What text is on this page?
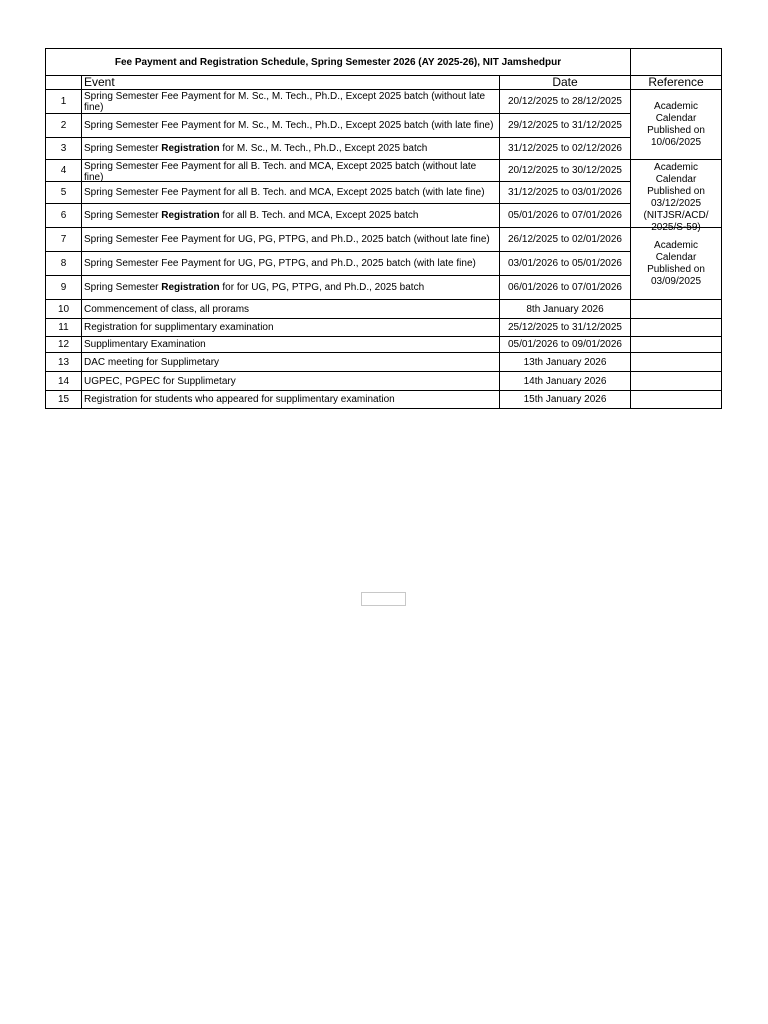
Fee Payment and Registration Schedule, Spring Semester 2026 (AY 2025-26), NIT Jamshedpur			
	Event	Date	Reference
1	Spring Semester Fee Payment for M. Sc., M. Tech., Ph.D., Except 2025 batch (without late fine)	20/12/2025 to 28/12/2025	Academic Calendar Published on 10/06/2025

2	Spring Semester Fee Payment for M. Sc., M. Tech., Ph.D., Except 2025 batch (with late fine)	29/12/2025 to 31/12/2025	
3	Spring Semester Registration for M. Sc., M. Tech., Ph.D., Except 2025 batch	31/12/2025 to 02/12/2026	
4	Spring Semester Fee Payment for all B. Tech. and MCA, Except 2025 batch (without late fine)	20/12/2025 to 30/12/2025	Academic Calendar Published on 03/12/2025 (NITJSR/ACD/ 2025/S-59)

5	Spring Semester Fee Payment for all B. Tech. and MCA, Except 2025 batch (with late fine)	31/12/2025 to 03/01/2026	
6	Spring Semester Registration for all B. Tech. and MCA, Except 2025 batch	05/01/2026 to 07/01/2026	
7	Spring Semester Fee Payment for UG, PG, PTPG, and Ph.D., 2025 batch (without late fine)	26/12/2025 to 02/01/2026	Academic Calendar Published on 03/09/2025

8	Spring Semester Fee Payment for UG, PG, PTPG, and Ph.D., 2025 batch (with late fine)	03/01/2026 to 05/01/2026	
9	Spring Semester Registration for for UG, PG, PTPG, and Ph.D., 2025 batch	06/01/2026 to 07/01/2026	
10	Commencement of class, all prorams	8th January 2026	
11	Registration for supplimentary examination	25/12/2025 to 31/12/2025	
12	Supplimentary Examination	05/01/2026 to 09/01/2026	
13	DAC meeting for Supplimetary	13th January 2026	
14	UGPEC, PGPEC for Supplimetary	14th January 2026	
15	Registration for students who appeared for supplimentary examination	15th January 2026	
